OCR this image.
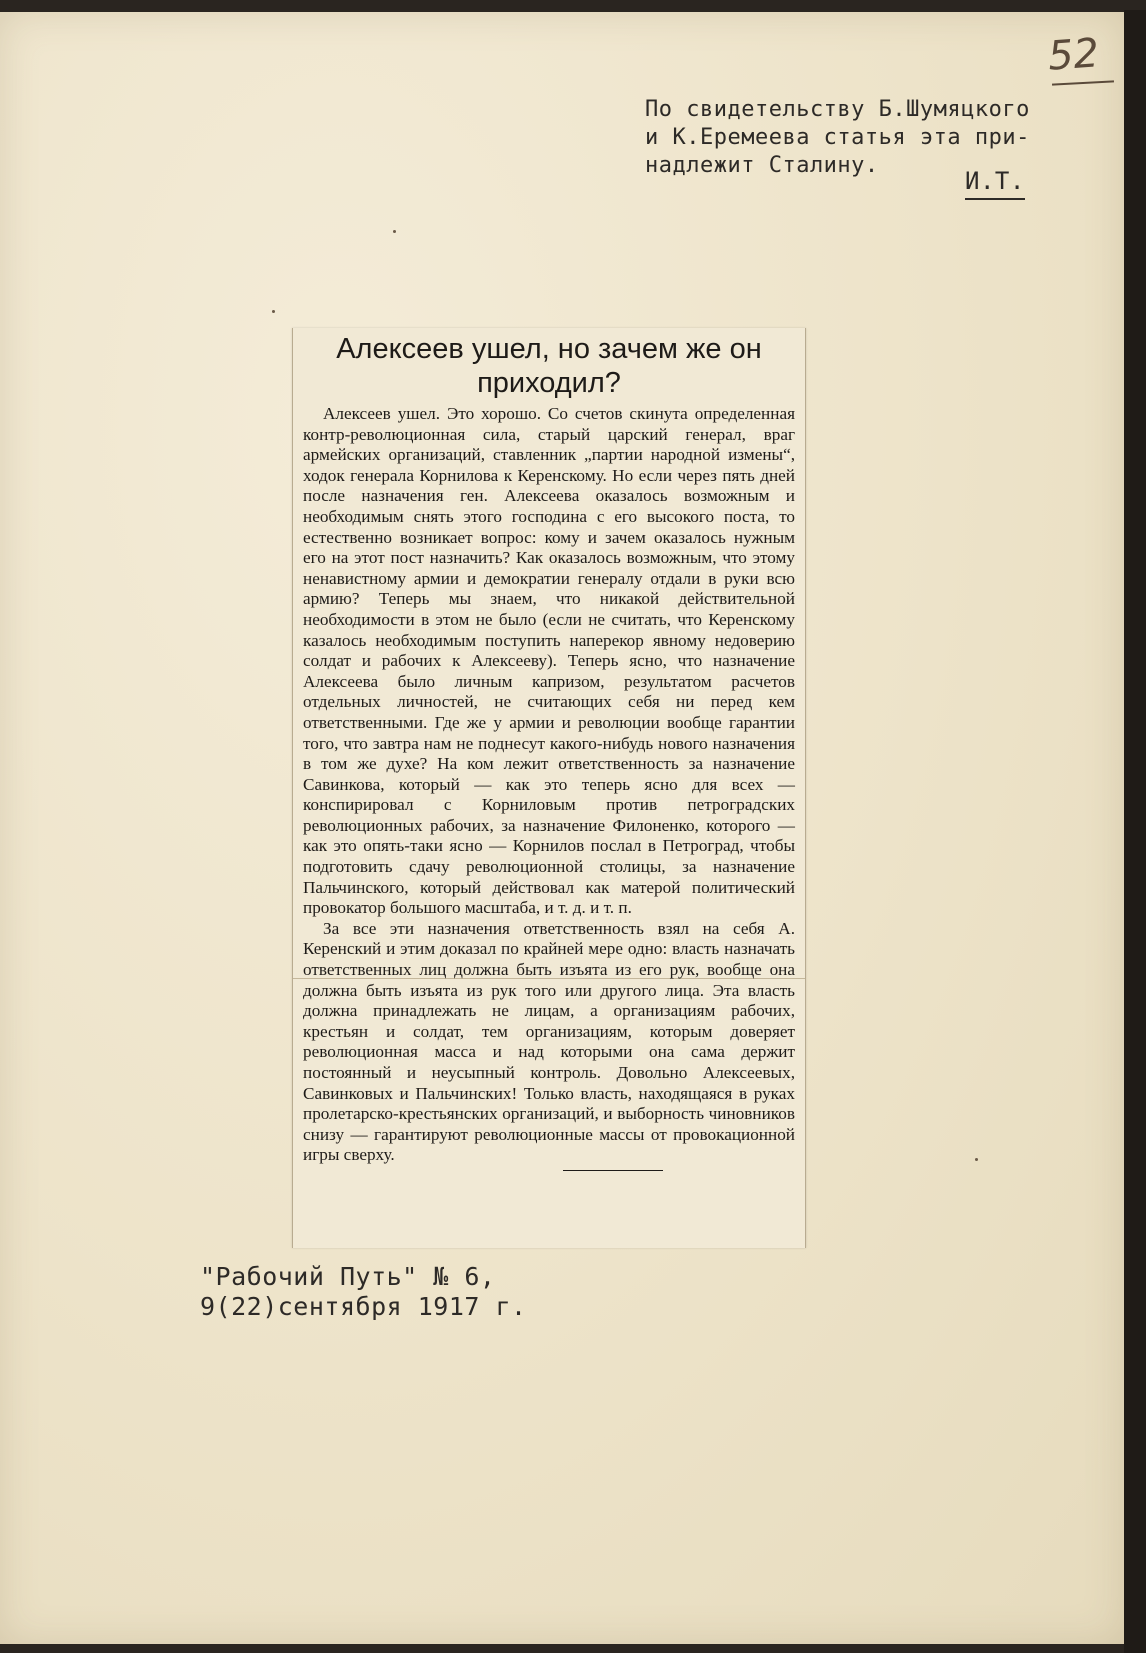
52
По свидетельству Б.Шумяцкого
и К.Еремеева статья эта при-
надлежит Сталину.
И.Т.
Алексеев ушел, но зачем же он приходил?

Алексеев ушел. Это хорошо. Со счетов скинута определенная контр-революционная сила, старый царский генерал, враг армейских организаций, ставленник „партии народной измены“, ходок генерала Корнилова к Керенскому. Но если через пять дней после назначения ген. Алексеева оказалось возможным и необходимым снять этого господина с его высокого поста, то естественно возникает вопрос: кому и зачем оказалось нужным его на этот пост назначить? Как оказалось возможным, что этому ненавистному армии и демократии генералу отдали в руки всю армию? Теперь мы знаем, что никакой действительной необходимости в этом не было (если не считать, что Керенскому казалось необходимым поступить наперекор явному недоверию солдат и рабочих к Алексееву). Теперь ясно, что назначение Алексеева было личным капризом, результатом расчетов отдельных личностей, не считающих себя ни перед кем ответственными. Где же у армии и революции вообще гарантии того, что завтра нам не поднесут какого-нибудь нового назначения в том же духе? На ком лежит ответственность за назначение Савинкова, который — как это теперь ясно для всех — конспирировал с Корниловым против петроградских революционных рабочих, за назначение Филоненко, которого — как это опять-таки ясно — Корнилов послал в Петроград, чтобы подготовить сдачу революционной столицы, за назначение Пальчинского, который действовал как матерой политический провокатор большого масштаба, и т. д. и т. п.

За все эти назначения ответственность взял на себя А. Керенский и этим доказал по крайней мере одно: власть назначать ответственных лиц должна быть изъята из его рук, вообще она должна быть изъята из рук того или другого лица. Эта власть должна принадлежать не лицам, а организациям рабочих, крестьян и солдат, тем организациям, которым доверяет революционная масса и над которыми она сама держит постоянный и неусыпный контроль. Довольно Алексеевых, Савинковых и Пальчинских! Только власть, находящаяся в руках пролетарско-крестьянских организаций, и выборность чиновников снизу — гарантируют революционные массы от провокационной игры сверху.

"Рабочий Путь" № 6,
9(22)сентября 1917 г.
